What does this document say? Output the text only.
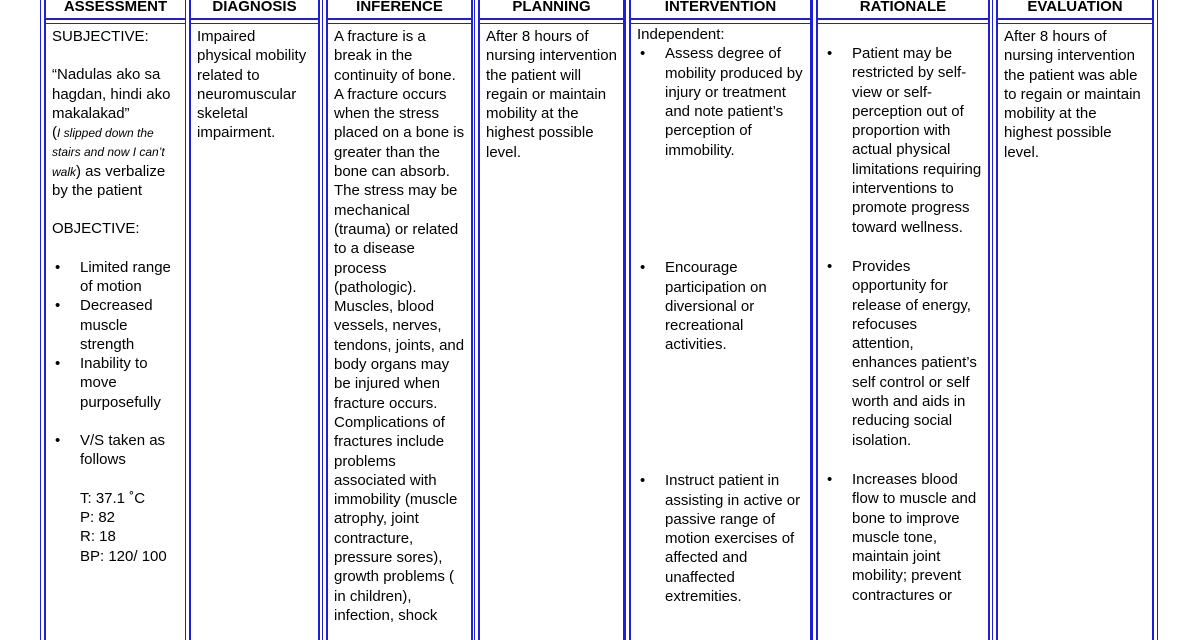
ASSESSMENT
SUBJECTIVE:
“Nadulas ako sa hagdan, hindi ako makalakad”
(I slipped down the stairs and now I can’t walk) as verbalize by the patient
OBJECTIVE:
• Limited range of motion
• Decreased muscle strength
• Inability to move purposefully
• V/S taken as follows
T: 37.1 ˚C
P: 82
R: 18
BP: 120/ 100
DIAGNOSIS
Impaired physical mobility related to neuromuscular skeletal impairment.
INFERENCE
A fracture is a break in the continuity of bone. A fracture occurs when the stress placed on a bone is greater than the bone can absorb. The stress may be mechanical (trauma) or related to a disease process (pathologic). Muscles, blood vessels, nerves, tendons, joints, and body organs may be injured when fracture occurs. Complications of fractures include problems associated with immobility (muscle atrophy, joint contracture, pressure sores), growth problems ( in children), infection, shock
PLANNING
After 8 hours of nursing intervention the patient will regain or maintain mobility at the highest possible level.
INTERVENTION
Independent:
• Assess degree of mobility produced by injury or treatment and note patient’s perception of immobility.
• Encourage participation on diversional or recreational activities.
• Instruct patient in assisting in active or passive range of motion exercises of affected and unaffected extremities.
RATIONALE
• Patient may be restricted by self-view or self-perception out of proportion with actual physical limitations requiring interventions to promote progress toward wellness.
• Provides opportunity for release of energy, refocuses attention, enhances patient’s self control or self worth and aids in reducing social isolation.
• Increases blood flow to muscle and bone to improve muscle tone, maintain joint mobility; prevent contractures or
EVALUATION
After 8 hours of nursing intervention the patient was able to regain or maintain mobility at the highest possible level.
